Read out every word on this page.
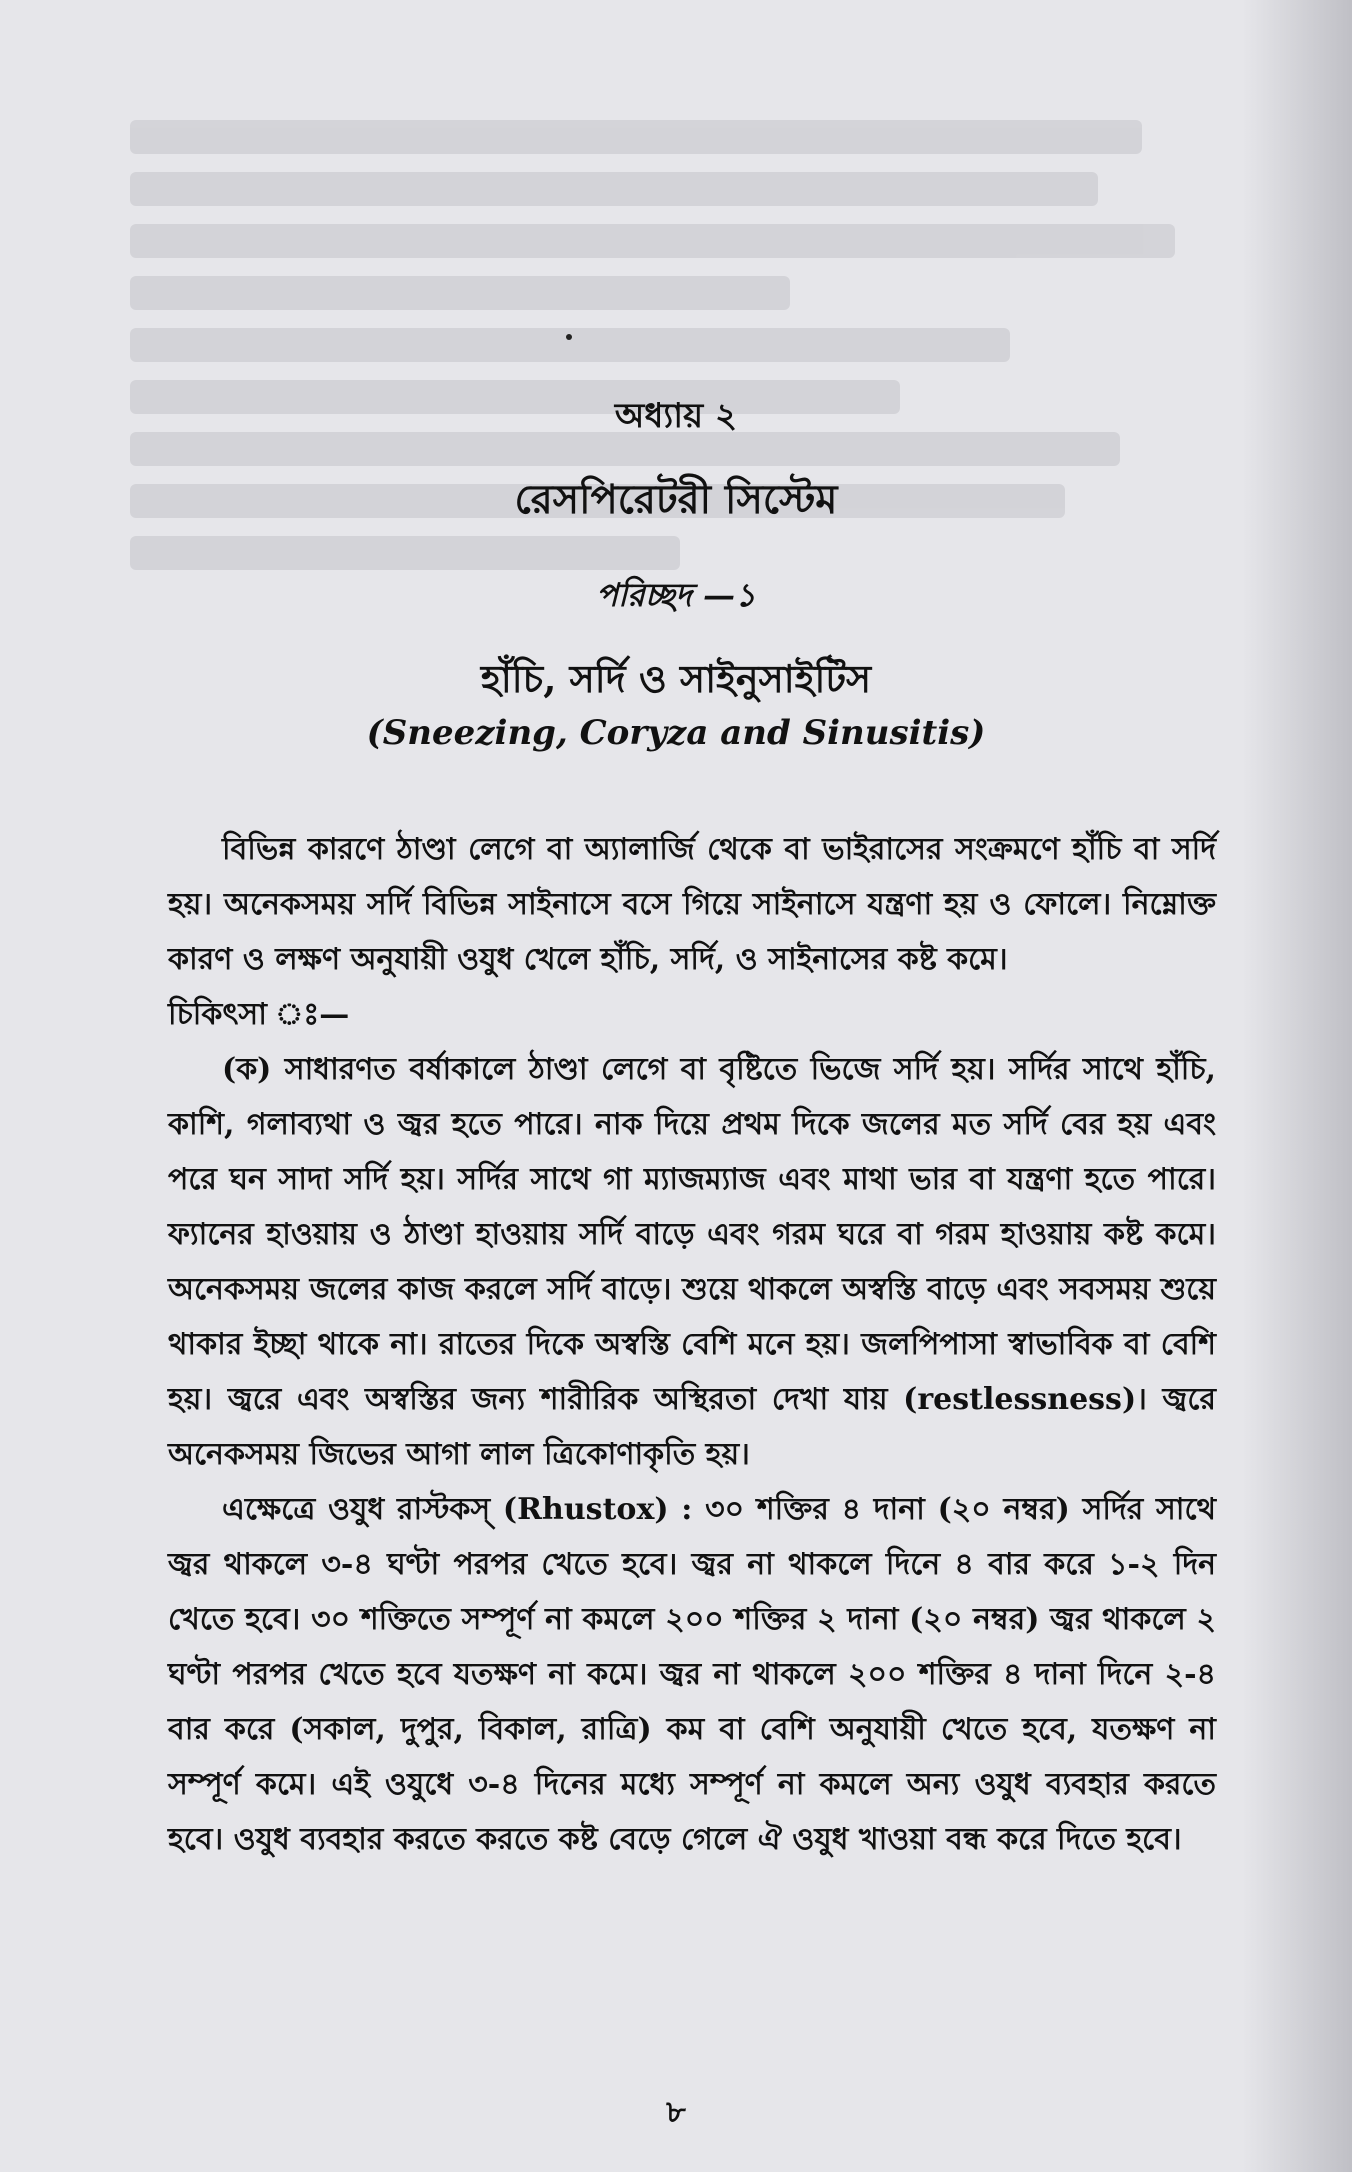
অধ্যায় ২
রেসপিরেটরী সিস্টেম
পরিচ্ছদ —১
হাঁচি, সর্দি ও সাইনুসাইটিস
(Sneezing, Coryza and Sinusitis)

বিভিন্ন কারণে ঠাণ্ডা লেগে বা অ্যালার্জি থেকে বা ভাইরাসের সংক্রমণে হাঁচি বা সর্দি হয়। অনেকসময় সর্দি বিভিন্ন সাইনাসে বসে গিয়ে সাইনাসে যন্ত্রণা হয় ও ফোলে। নিম্নোক্ত কারণ ও লক্ষণ অনুযায়ী ওযুধ খেলে হাঁচি, সর্দি, ও সাইনাসের কষ্ট কমে।

চিকিৎসা ঃ—

(ক) সাধারণত বর্ষাকালে ঠাণ্ডা লেগে বা বৃষ্টিতে ভিজে সর্দি হয়। সর্দির সাথে হাঁচি, কাশি, গলাব্যথা ও জ্বর হতে পারে। নাক দিয়ে প্রথম দিকে জলের মত সর্দি বের হয় এবং পরে ঘন সাদা সর্দি হয়। সর্দির সাথে গা ম্যাজম্যাজ এবং মাথা ভার বা যন্ত্রণা হতে পারে। ফ্যানের হাওয়ায় ও ঠাণ্ডা হাওয়ায় সর্দি বাড়ে এবং গরম ঘরে বা গরম হাওয়ায় কষ্ট কমে। অনেকসময় জলের কাজ করলে সর্দি বাড়ে। শুয়ে থাকলে অস্বস্তি বাড়ে এবং সবসময় শুয়ে থাকার ইচ্ছা থাকে না। রাতের দিকে অস্বস্তি বেশি মনে হয়। জলপিপাসা স্বাভাবিক বা বেশি হয়। জ্বরে এবং অস্বস্তির জন্য শারীরিক অস্থিরতা দেখা যায় (restlessness)। জ্বরে অনেকসময় জিভের আগা লাল ত্রিকোণাকৃতি হয়।

এক্ষেত্রে ওযুধ রাস্টকস্ (Rhustox) : ৩০ শক্তির ৪ দানা (২০ নম্বর) সর্দির সাথে জ্বর থাকলে ৩-৪ ঘণ্টা পরপর খেতে হবে। জ্বর না থাকলে দিনে ৪ বার করে ১-২ দিন খেতে হবে। ৩০ শক্তিতে সম্পূর্ণ না কমলে ২০০ শক্তির ২ দানা (২০ নম্বর) জ্বর থাকলে ২ ঘণ্টা পরপর খেতে হবে যতক্ষণ না কমে। জ্বর না থাকলে ২০০ শক্তির ৪ দানা দিনে ২-৪ বার করে (সকাল, দুপুর, বিকাল, রাত্রি) কম বা বেশি অনুযায়ী খেতে হবে, যতক্ষণ না সম্পূর্ণ কমে। এই ওযুধে ৩-৪ দিনের মধ্যে সম্পূর্ণ না কমলে অন্য ওযুধ ব্যবহার করতে হবে। ওযুধ ব্যবহার করতে করতে কষ্ট বেড়ে গেলে ঐ ওযুধ খাওয়া বন্ধ করে দিতে হবে।

৮
